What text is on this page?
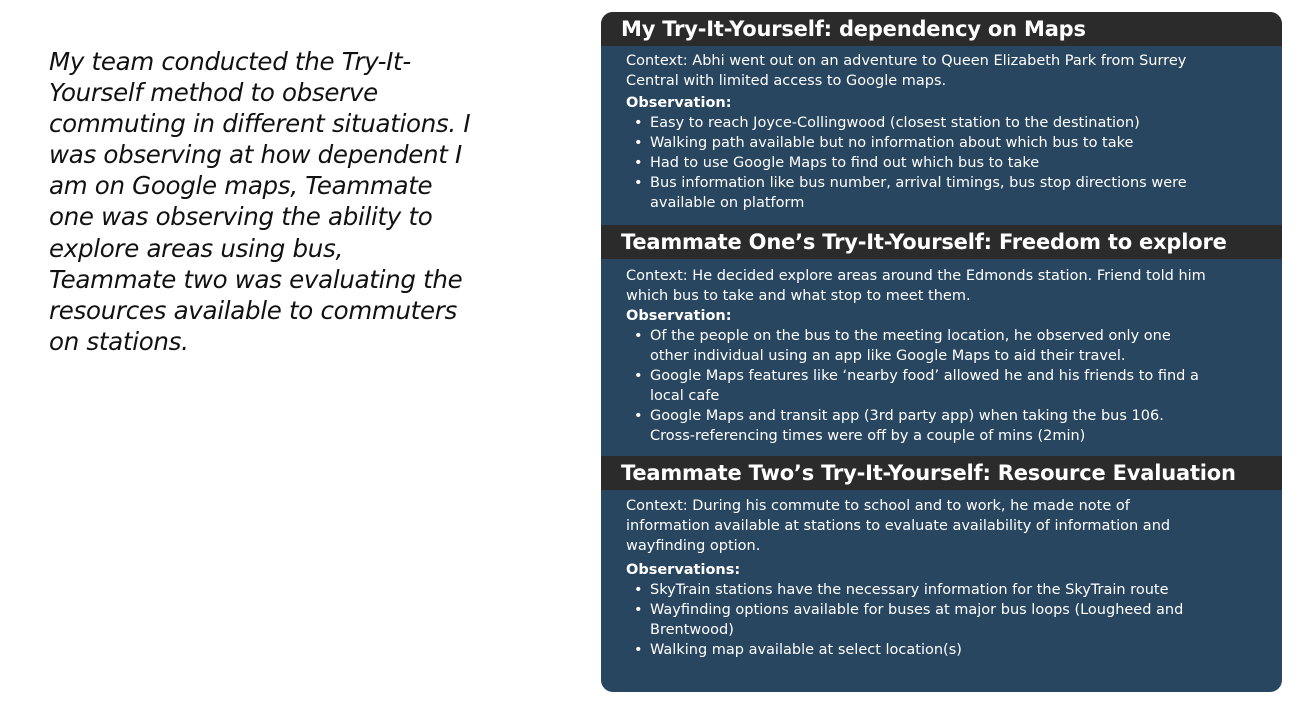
My team conducted the Try-It-Yourself method to observe commuting in different situations. I was observing at how dependent I am on Google maps, Teammate one was observing the ability to explore areas using bus, Teammate two was evaluating the resources available to commuters on stations.

My Try-It-Yourself: dependency on Maps

Context: Abhi went out on an adventure to Queen Elizabeth Park from Surrey Central with limited access to Google maps.

Observation:

• Easy to reach Joyce-Collingwood (closest station to the destination)
• Walking path available but no information about which bus to take
• Had to use Google Maps to find out which bus to take
• Bus information like bus number, arrival timings, bus stop directions were available on platform
Teammate One’s Try-It-Yourself: Freedom to explore

Context: He decided explore areas around the Edmonds station. Friend told him which bus to take and what stop to meet them.

Observation:

• Of the people on the bus to the meeting location, he observed only one other individual using an app like Google Maps to aid their travel.
• Google Maps features like ‘nearby food’ allowed he and his friends to find a local cafe
• Google Maps and transit app (3rd party app) when taking the bus 106. Cross-referencing times were off by a couple of mins (2min)
Teammate Two’s Try-It-Yourself: Resource Evaluation

Context: During his commute to school and to work, he made note of information available at stations to evaluate availability of information and wayfinding option.

Observations:

• SkyTrain stations have the necessary information for the SkyTrain route
• Wayfinding options available for buses at major bus loops (Lougheed and Brentwood)
• Walking map available at select location(s)
